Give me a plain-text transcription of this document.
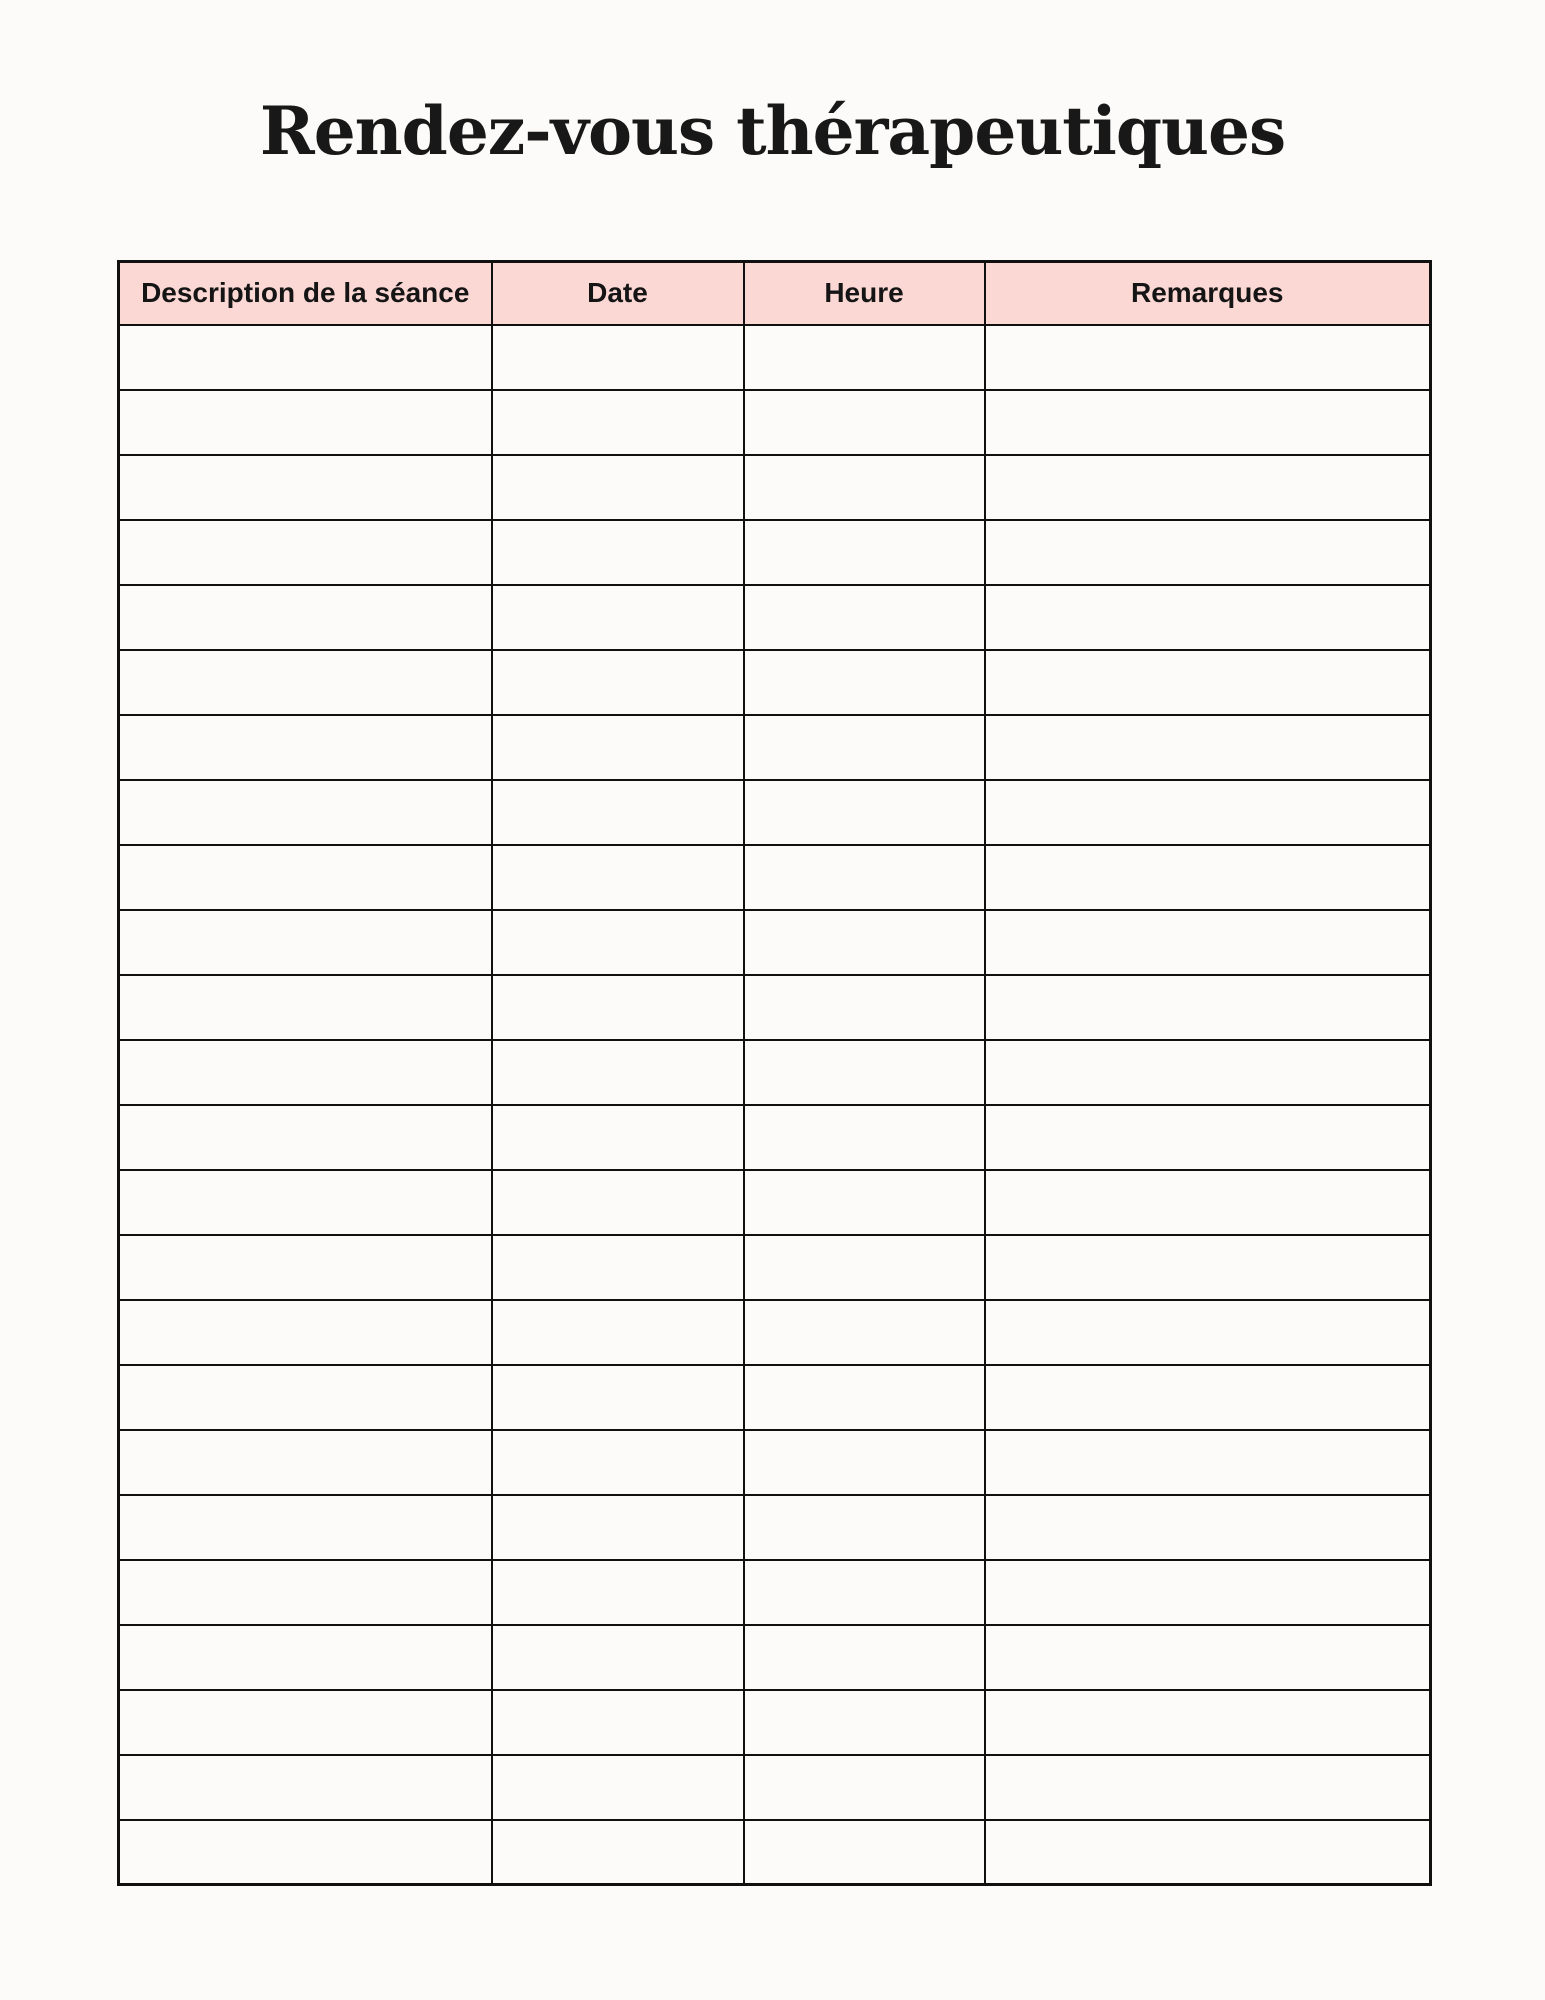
Rendez-vous thérapeutiques
Description de la séance	Date	Heure	Remarques
